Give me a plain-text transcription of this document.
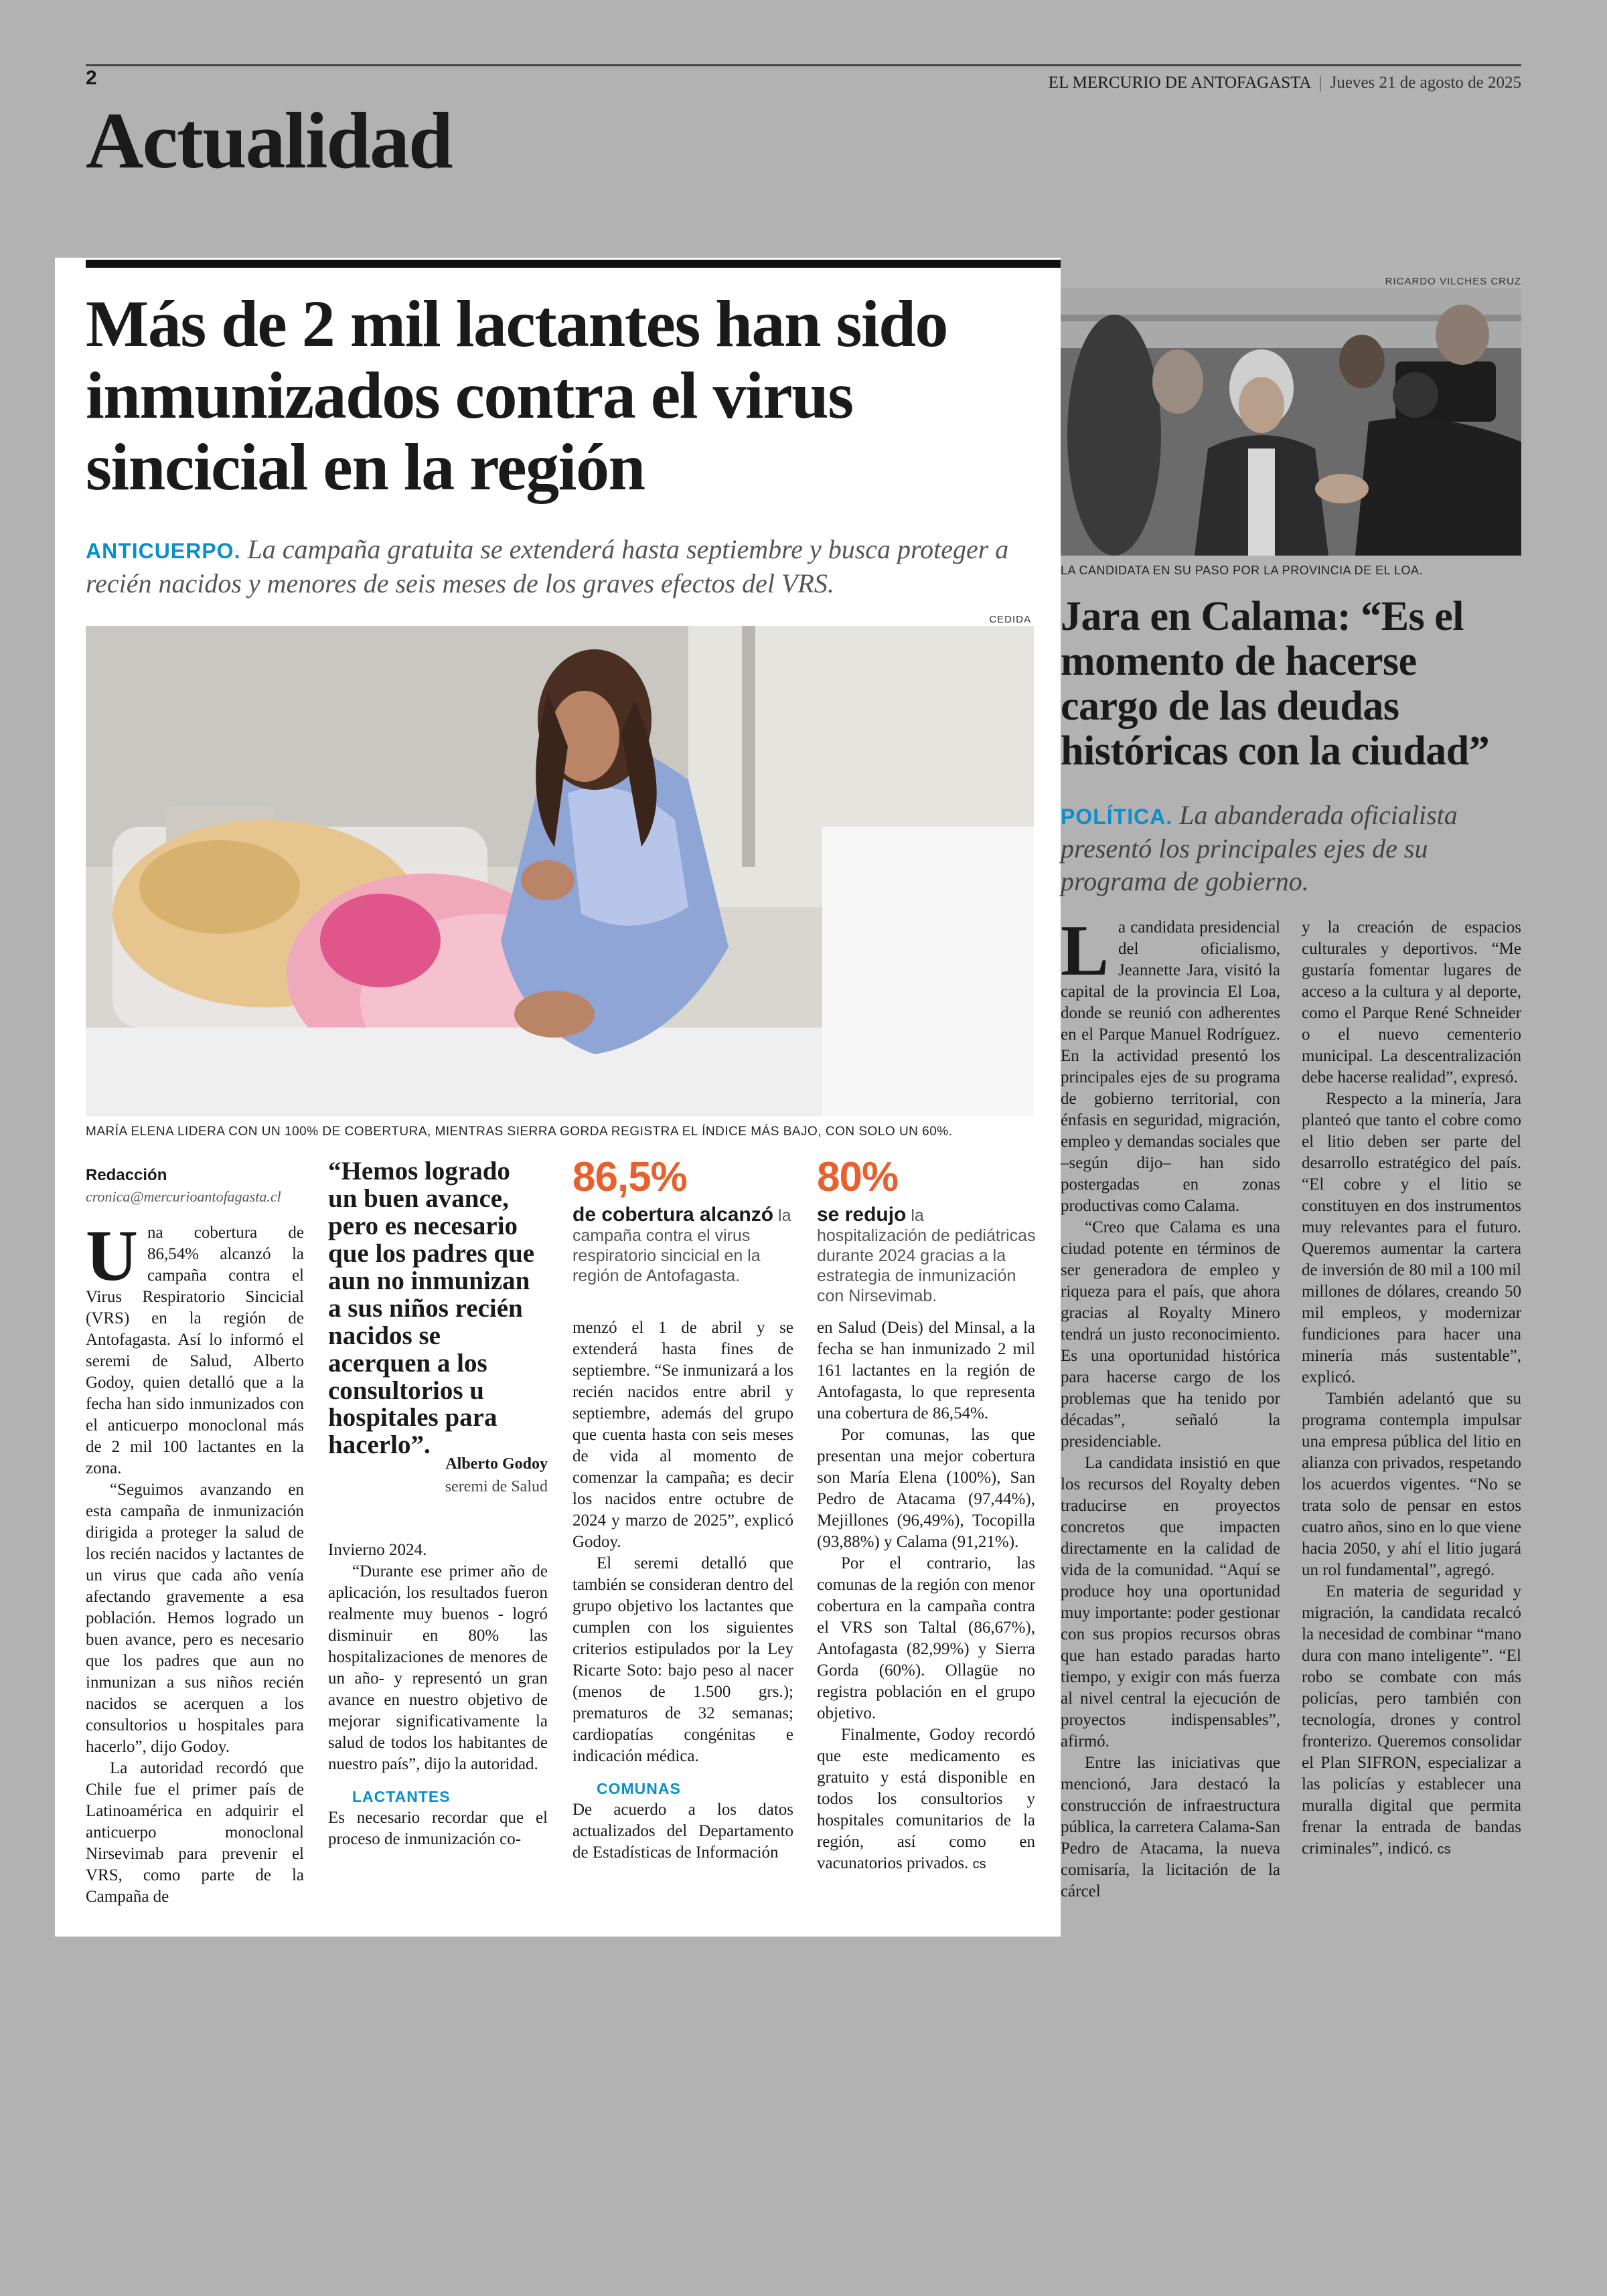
2	EL MERCURIO DE ANTOFAGASTA | Jueves 21 de agosto de 2025
Actualidad
Más de 2 mil lactantes han sido inmunizados contra el virus sincicial en la región
ANTICUERPO. La campaña gratuita se extenderá hasta septiembre y busca proteger a recién nacidos y menores de seis meses de los graves efectos del VRS.
CEDIDA
MARÍA ELENA LIDERA CON UN 100% DE COBERTURA, MIENTRAS SIERRA GORDA REGISTRA EL ÍNDICE MÁS BAJO, CON SOLO UN 60%.
Redacción
cronica@mercurioantofagasta.cl
U na cobertura de 86,54% alcanzó la campaña contra el Virus Respiratorio Sincicial (VRS) en la región de Antofagasta. Así lo informó el seremi de Salud, Alberto Godoy, quien detalló que a la fecha han sido inmunizados con el anticuerpo monoclonal más de 2 mil 100 lactantes en la zona.

“Seguimos avanzando en esta campaña de inmunización dirigida a proteger la salud de los recién nacidos y lactantes de un virus que cada año venía afectando gravemente a esa población. Hemos logrado un buen avance, pero es necesario que los padres que aun no inmunizan a sus niños recién nacidos se acerquen a los consultorios u hospitales para hacerlo”, dijo Godoy.

La autoridad recordó que Chile fue el primer país de Latinoamérica en adquirir el anticuerpo monoclonal Nirsevimab para prevenir el VRS, como parte de la Campaña de

“Hemos logrado un buen avance, pero es necesario que los padres que aun no inmunizan a sus niños recién nacidos se acerquen a los consultorios u hospitales para hacerlo”.
Alberto Godoy
seremi de Salud

Invierno 2024.

“Durante ese primer año de aplicación, los resultados fueron realmente muy buenos - logró disminuir en 80% las hospitalizaciones de menores de un año- y representó un gran avance en nuestro objetivo de mejorar significativamente la salud de todos los habitantes de nuestro país”, dijo la autoridad.

LACTANTES

Es necesario recordar que el proceso de inmunización co-

86,5%
de cobertura alcanzó la campaña contra el virus respiratorio sincicial en la región de Antofagasta.
80%
se redujo la hospitalización de pediátricas durante 2024 gracias a la estrategia de inmunización con Nirsevimab.

menzó el 1 de abril y se extenderá hasta fines de septiembre. “Se inmunizará a los recién nacidos entre abril y septiembre, además del grupo que cuenta hasta con seis meses de vida al momento de comenzar la campaña; es decir los nacidos entre octubre de 2024 y marzo de 2025”, explicó Godoy.

El seremi detalló que también se consideran dentro del grupo objetivo los lactantes que cumplen con los siguientes criterios estipulados por la Ley Ricarte Soto: bajo peso al nacer (menos de 1.500 grs.); prematuros de 32 semanas; cardiopatías congénitas e indicación médica.

COMUNAS

De acuerdo a los datos actualizados del Departamento de Estadísticas de Información

en Salud (Deis) del Minsal, a la fecha se han inmunizado 2 mil 161 lactantes en la región de Antofagasta, lo que representa una cobertura de 86,54%.

Por comunas, las que presentan una mejor cobertura son María Elena (100%), San Pedro de Atacama (97,44%), Mejillones (96,49%), Tocopilla (93,88%) y Calama (91,21%).

Por el contrario, las comunas de la región con menor cobertura en la campaña contra el VRS son Taltal (86,67%), Antofagasta (82,99%) y Sierra Gorda (60%). Ollagüe no registra población en el grupo objetivo.

Finalmente, Godoy recordó que este medicamento es gratuito y está disponible en todos los consultorios y hospitales comunitarios de la región, así como en vacunatorios privados. cs

RICARDO VILCHES CRUZ
LA CANDIDATA EN SU PASO POR LA PROVINCIA DE EL LOA.
Jara en Calama: “Es el momento de hacerse cargo de las deudas históricas con la ciudad”
POLÍTICA. La abanderada oficialista presentó los principales ejes de su programa de gobierno.
L a candidata presidencial del oficialismo, Jeannette Jara, visitó la capital de la provincia El Loa, donde se reunió con adherentes en el Parque Manuel Rodríguez. En la actividad presentó los principales ejes de su programa de gobierno territorial, con énfasis en seguridad, migración, empleo y demandas sociales que –según dijo– han sido postergadas en zonas productivas como Calama.

“Creo que Calama es una ciudad potente en términos de ser generadora de empleo y riqueza para el país, que ahora gracias al Royalty Minero tendrá un justo reconocimiento. Es una oportunidad histórica para hacerse cargo de los problemas que ha tenido por décadas”, señaló la presidenciable.

La candidata insistió en que los recursos del Royalty deben traducirse en proyectos concretos que impacten directamente en la calidad de vida de la comunidad. “Aquí se produce hoy una oportunidad muy importante: poder gestionar con sus propios recursos obras que han estado paradas harto tiempo, y exigir con más fuerza al nivel central la ejecución de proyectos indispensables”, afirmó.

Entre las iniciativas que mencionó, Jara destacó la construcción de infraestructura pública, la carretera Calama-San Pedro de Atacama, la nueva comisaría, la licitación de la cárcel

y la creación de espacios culturales y deportivos. “Me gustaría fomentar lugares de acceso a la cultura y al deporte, como el Parque René Schneider o el nuevo cementerio municipal. La descentralización debe hacerse realidad”, expresó.

Respecto a la minería, Jara planteó que tanto el cobre como el litio deben ser parte del desarrollo estratégico del país. “El cobre y el litio se constituyen en dos instrumentos muy relevantes para el futuro. Queremos aumentar la cartera de inversión de 80 mil a 100 mil millones de dólares, creando 50 mil empleos, y modernizar fundiciones para hacer una minería más sustentable”, explicó.

También adelantó que su programa contempla impulsar una empresa pública del litio en alianza con privados, respetando los acuerdos vigentes. “No se trata solo de pensar en estos cuatro años, sino en lo que viene hacia 2050, y ahí el litio jugará un rol fundamental”, agregó.

En materia de seguridad y migración, la candidata recalcó la necesidad de combinar “mano dura con mano inteligente”. “El robo se combate con más policías, pero también con tecnología, drones y control fronterizo. Queremos consolidar el Plan SIFRON, especializar a las policías y establecer una muralla digital que permita frenar la entrada de bandas criminales”, indicó. cs
